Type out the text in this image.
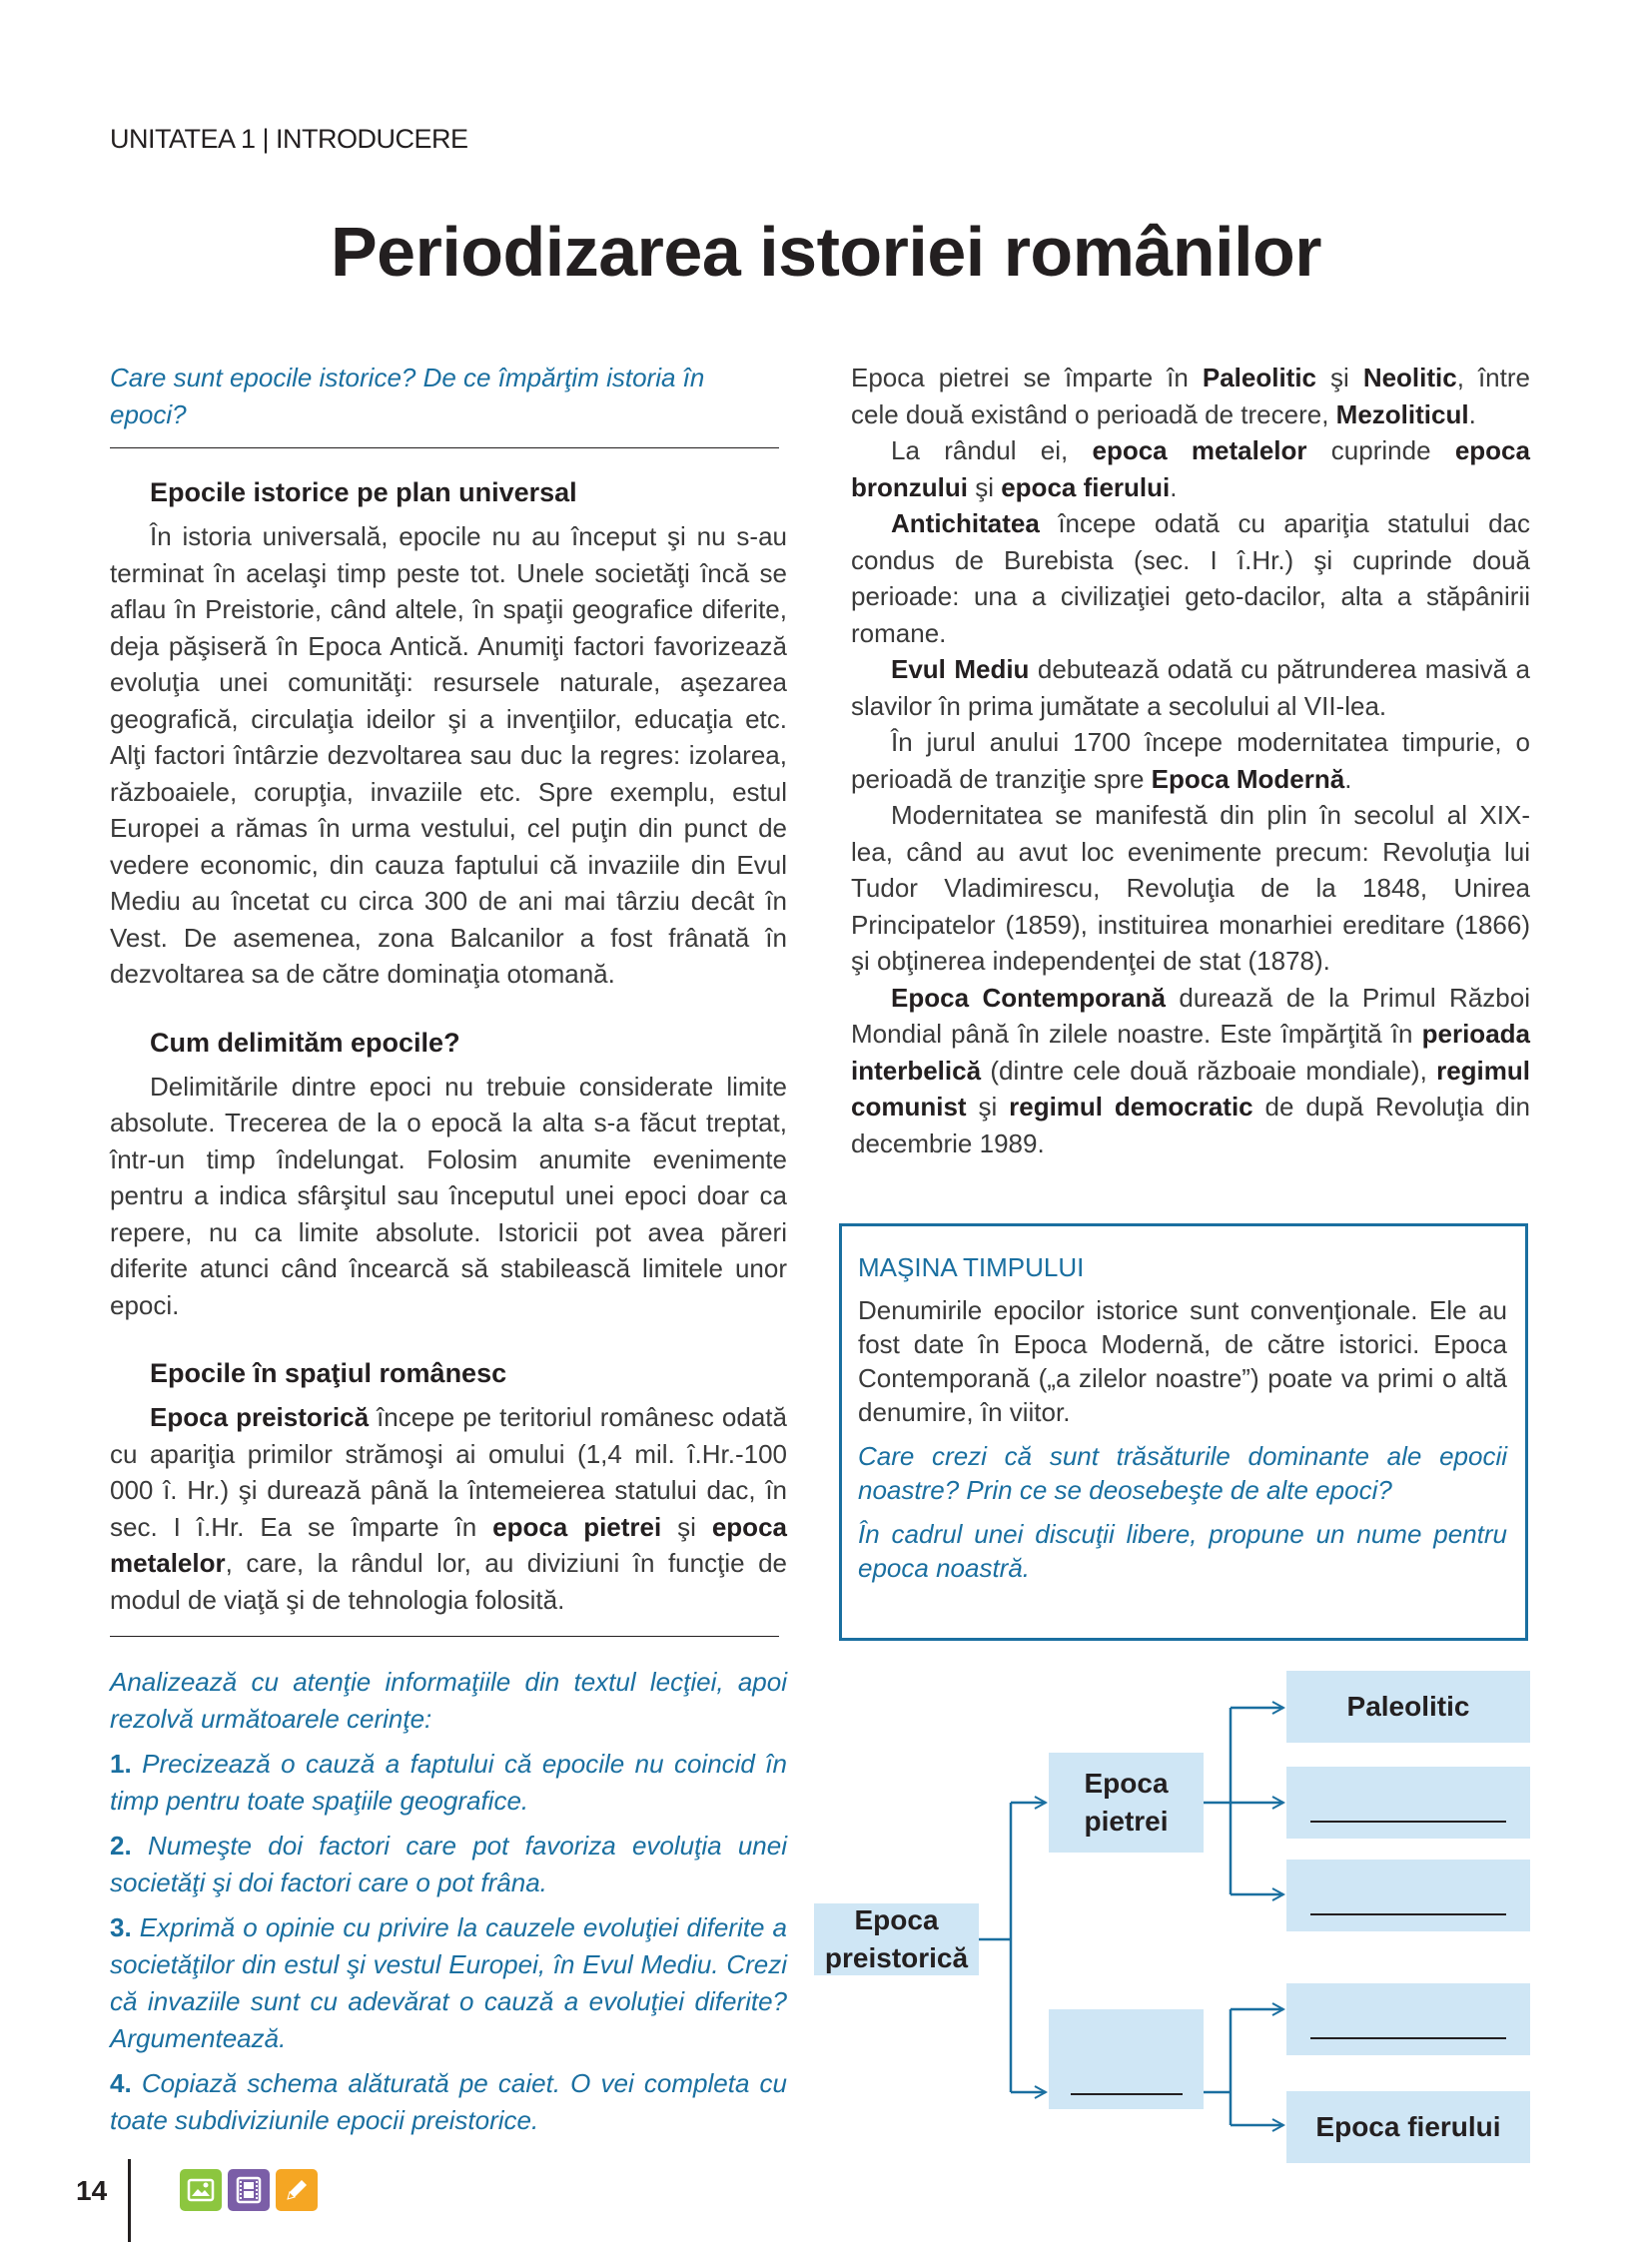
UNITATEA 1 | INTRODUCERE
Periodizarea istoriei românilor

Care sunt epocile istorice? De ce împărţim istoria în epoci?

Epocile istorice pe plan universal

În istoria universală, epocile nu au început şi nu s-au terminat în acelaşi timp peste tot. Unele societăţi încă se aflau în Preistorie, când altele, în spaţii geografice diferite, deja păşiseră în Epoca Antică. Anumiţi factori favorizează evoluţia unei comunităţi: resursele naturale, aşezarea geografică, circulaţia ideilor şi a invenţiilor, educaţia etc. Alţi factori întârzie dezvoltarea sau duc la regres: izolarea, războaiele, corupţia, invaziile etc. Spre exemplu, estul Europei a rămas în urma vestului, cel puţin din punct de vedere economic, din cauza faptului că invaziile din Evul Mediu au încetat cu circa 300 de ani mai târziu decât în Vest. De asemenea, zona Balcanilor a fost frânată în dezvoltarea sa de către dominaţia otomană.

Cum delimităm epocile?

Delimitările dintre epoci nu trebuie considerate limite absolute. Trecerea de la o epocă la alta s-a făcut treptat, într-un timp îndelungat. Folosim anumite evenimente pentru a indica sfârşitul sau începutul unei epoci doar ca repere, nu ca limite absolute. Istoricii pot avea păreri diferite atunci când încearcă să stabilească limitele unor epoci.

Epocile în spaţiul românesc

Epoca preistorică începe pe teritoriul românesc odată cu apariţia primilor strămoşi ai omului (1,4 mil. î.Hr.-100 000 î. Hr.) şi durează până la întemeierea statului dac, în sec. I î.Hr. Ea se împarte în epoca pietrei şi epoca metalelor, care, la rândul lor, au diviziuni în funcţie de modul de viaţă şi de tehnologia folosită.

Epoca pietrei se împarte în Paleolitic şi Neolitic, între cele două existând o perioadă de trecere, Mezoliticul.

La rândul ei, epoca metalelor cuprinde epoca bronzului şi epoca fierului.

Antichitatea începe odată cu apariţia statului dac condus de Burebista (sec. I î.Hr.) şi cuprinde două perioade: una a civilizaţiei geto-dacilor, alta a stăpânirii romane.

Evul Mediu debutează odată cu pătrunderea masivă a slavilor în prima jumătate a secolului al VII-lea.

În jurul anului 1700 începe modernitatea timpurie, o perioadă de tranziţie spre Epoca Modernă.

Modernitatea se manifestă din plin în secolul al XIX-lea, când au avut loc evenimente precum: Revoluţia lui Tudor Vladimirescu, Revoluţia de la 1848, Unirea Principatelor (1859), instituirea monarhiei ereditare (1866) şi obţinerea independenţei de stat (1878).

Epoca Contemporană durează de la Primul Război Mondial până în zilele noastre. Este împărţită în perioada interbelică (dintre cele două războaie mondiale), regimul comunist şi regimul democratic de după Revoluţia din decembrie 1989.

MAŞINA TIMPULUI

Denumirile epocilor istorice sunt convenţionale. Ele au fost date în Epoca Modernă, de către istorici. Epoca Contemporană („a zilelor noastre”) poate va primi o altă denumire, în viitor.

Care crezi că sunt trăsăturile dominante ale epocii noastre? Prin ce se deosebeşte de alte epoci?

În cadrul unei discuţii libere, propune un nume pentru epoca noastră.

Analizează cu atenţie informaţiile din textul lecţiei, apoi rezolvă următoarele cerinţe:

1. Precizează o cauză a faptului că epocile nu coincid în timp pentru toate spaţiile geografice.

2. Numeşte doi factori care pot favoriza evoluţia unei societăţi şi doi factori care o pot frâna.

3. Exprimă o opinie cu privire la cauzele evoluţiei diferite a societăţilor din estul şi vestul Europei, în Evul Mediu. Crezi că invaziile sunt cu adevărat o cauză a evoluţiei diferite? Argumentează.

4. Copiază schema alăturată pe caiet. O vei completa cu toate subdiviziunile epocii preistorice.

Epoca preistorică
Epoca pietrei
Paleolitic
Epoca fierului
14
